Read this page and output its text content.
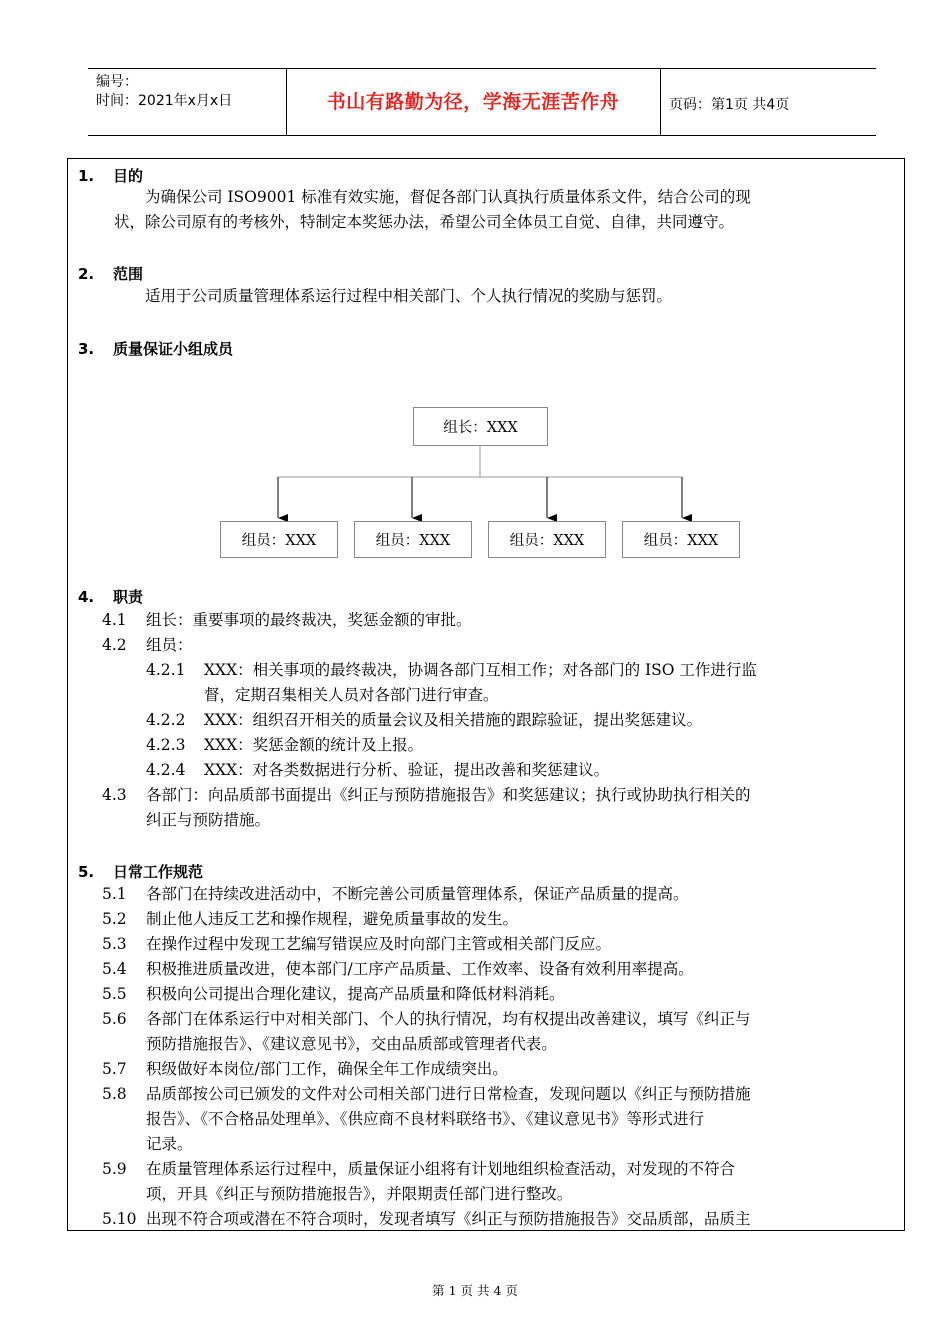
编号：
时间：2021年x月x日	书山有路勤为径，学海无涯苦作舟	页码：第1页 共4页
1. 目的
为确保公司 ISO9001 标准有效实施，督促各部门认真执行质量体系文件，结合公司的现
状，除公司原有的考核外，特制定本奖惩办法，希望公司全体员工自觉、自律，共同遵守。
2. 范围
适用于公司质量管理体系运行过程中相关部门、个人执行情况的奖励与惩罚。
3. 质量保证小组成员
组长：XXX
组员：XXX	组员：XXX	组员：XXX	组员：XXX
4. 职责
4.1 组长：重要事项的最终裁决，奖惩金额的审批。
4.2 组员：
4.2.1 XXX：相关事项的最终裁决，协调各部门互相工作；对各部门的 ISO 工作进行监
督，定期召集相关人员对各部门进行审查。
4.2.2 XXX：组织召开相关的质量会议及相关措施的跟踪验证，提出奖惩建议。
4.2.3 XXX：奖惩金额的统计及上报。
4.2.4 XXX：对各类数据进行分析、验证，提出改善和奖惩建议。
4.3 各部门：向品质部书面提出《纠正与预防措施报告》和奖惩建议；执行或协助执行相关的
纠正与预防措施。
5. 日常工作规范
5.1 各部门在持续改进活动中，不断完善公司质量管理体系，保证产品质量的提高。
5.2 制止他人违反工艺和操作规程，避免质量事故的发生。
5.3 在操作过程中发现工艺编写错误应及时向部门主管或相关部门反应。
5.4 积极推进质量改进，使本部门/工序产品质量、工作效率、设备有效利用率提高。
5.5 积极向公司提出合理化建议，提高产品质量和降低材料消耗。
5.6 各部门在体系运行中对相关部门、个人的执行情况，均有权提出改善建议，填写《纠正与
预防措施报告》、《建议意见书》，交由品质部或管理者代表。
5.7 积级做好本岗位/部门工作，确保全年工作成绩突出。
5.8 品质部按公司已颁发的文件对公司相关部门进行日常检查，发现问题以《纠正与预防措施
报告》、《不合格品处理单》、《供应商不良材料联络书》、《建议意见书》等形式进行
记录。
5.9 在质量管理体系运行过程中，质量保证小组将有计划地组织检查活动，对发现的不符合
项，开具《纠正与预防措施报告》，并限期责任部门进行整改。
5.10 出现不符合项或潜在不符合项时，发现者填写《纠正与预防措施报告》交品质部，品质主
第 1 页 共 4 页
